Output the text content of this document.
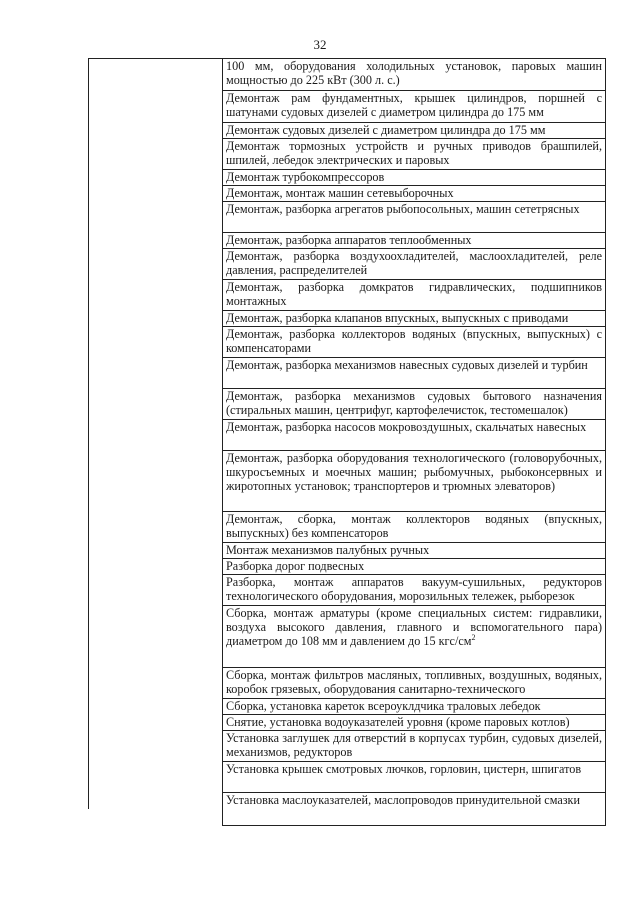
32
100 мм, оборудования холодильных установок, паровых машин мощностью до 225 кВт (300 л. с.)
Демонтаж рам фундаментных, крышек цилиндров, поршней с шатунами судовых дизелей с диаметром цилиндра до 175 мм
Демонтаж судовых дизелей с диаметром цилиндра до 175 мм
Демонтаж тормозных устройств и ручных приводов брашпилей, шпилей, лебедок электрических и паровых
Демонтаж турбокомпрессоров
Демонтаж, монтаж машин сетевыборочных
Демонтаж, разборка агрегатов рыбопосольных, машин сететрясных
Демонтаж, разборка аппаратов теплообменных
Демонтаж, разборка воздухоохладителей, маслоохладителей, реле давления, распределителей
Демонтаж, разборка домкратов гидравлических, подшипников монтажных
Демонтаж, разборка клапанов впускных, выпускных с приводами
Демонтаж, разборка коллекторов водяных (впускных, выпускных) с компенсаторами
Демонтаж, разборка механизмов навесных судовых дизелей и турбин
Демонтаж, разборка механизмов судовых бытового назначения (стиральных машин, центрифуг, картофелечисток, тестомешалок)
Демонтаж, разборка насосов мокровоздушных, скальчатых навесных
Демонтаж, разборка оборудования технологического (головорубочных, шкуросъемных и моечных машин; рыбомучных, рыбоконсервных и жиротопных установок; транспортеров и трюмных элеваторов)
Демонтаж, сборка, монтаж коллекторов водяных (впускных, выпускных) без компенсаторов
Монтаж механизмов палубных ручных
Разборка дорог подвесных
Разборка, монтаж аппаратов вакуум-сушильных, редукторов технологического оборудования, морозильных тележек, рыборезок
Сборка, монтаж арматуры (кроме специальных систем: гидравлики, воздуха высокого давления, главного и вспомогательного пара) диаметром до 108 мм и давлением до 15 кгс/$см^2$
Сборка, монтаж фильтров масляных, топливных, воздушных, водяных, коробок грязевых, оборудования санитарно-технического
Сборка, установка кареток всероуклдчика траловых лебедок
Снятие, установка водоуказателей уровня (кроме паровых котлов)
Установка заглушек для отверстий в корпусах турбин, судовых дизелей, механизмов, редукторов
Установка крышек смотровых лючков, горловин, цистерн, шпигатов
Установка маслоуказателей, маслопроводов принудительной смазки
